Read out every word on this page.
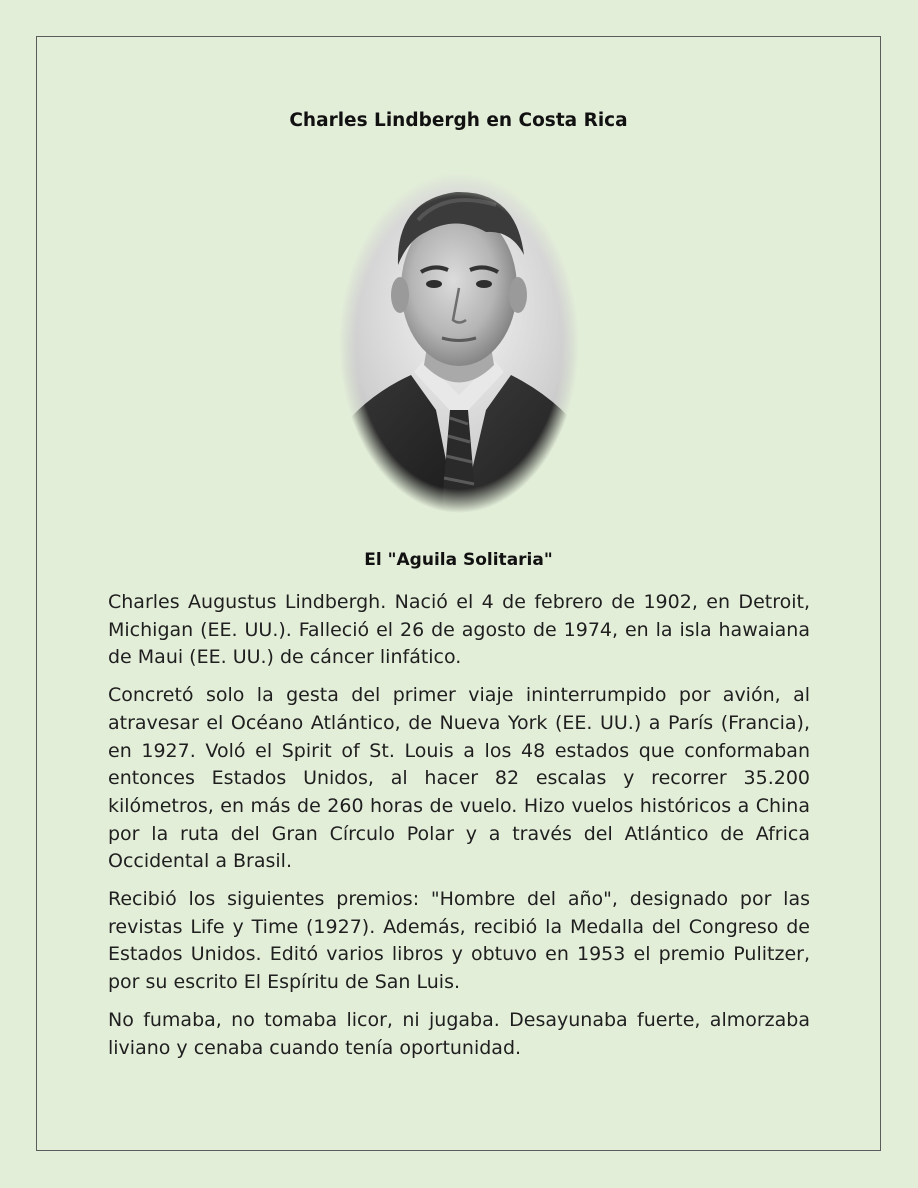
Charles Lindbergh en Costa Rica
El "Aguila Solitaria"

Charles Augustus Lindbergh. Nació el 4 de febrero de 1902, en Detroit, Michigan (EE. UU.). Falleció el 26 de agosto de 1974, en la isla hawaiana de Maui (EE. UU.) de cáncer linfático.

Concretó solo la gesta del primer viaje ininterrumpido por avión, al atravesar el Océano Atlántico, de Nueva York (EE. UU.) a París (Francia), en 1927. Voló el Spirit of St. Louis a los 48 estados que conformaban entonces Estados Unidos, al hacer 82 escalas y recorrer 35.200 kilómetros, en más de 260 horas de vuelo. Hizo vuelos históricos a China por la ruta del Gran Círculo Polar y a través del Atlántico de Africa Occidental a Brasil.

Recibió los siguientes premios: "Hombre del año", designado por las revistas Life y Time (1927). Además, recibió la Medalla del Congreso de Estados Unidos. Editó varios libros y obtuvo en 1953 el premio Pulitzer, por su escrito El Espíritu de San Luis.

No fumaba, no tomaba licor, ni jugaba. Desayunaba fuerte, almorzaba liviano y cenaba cuando tenía oportunidad.
